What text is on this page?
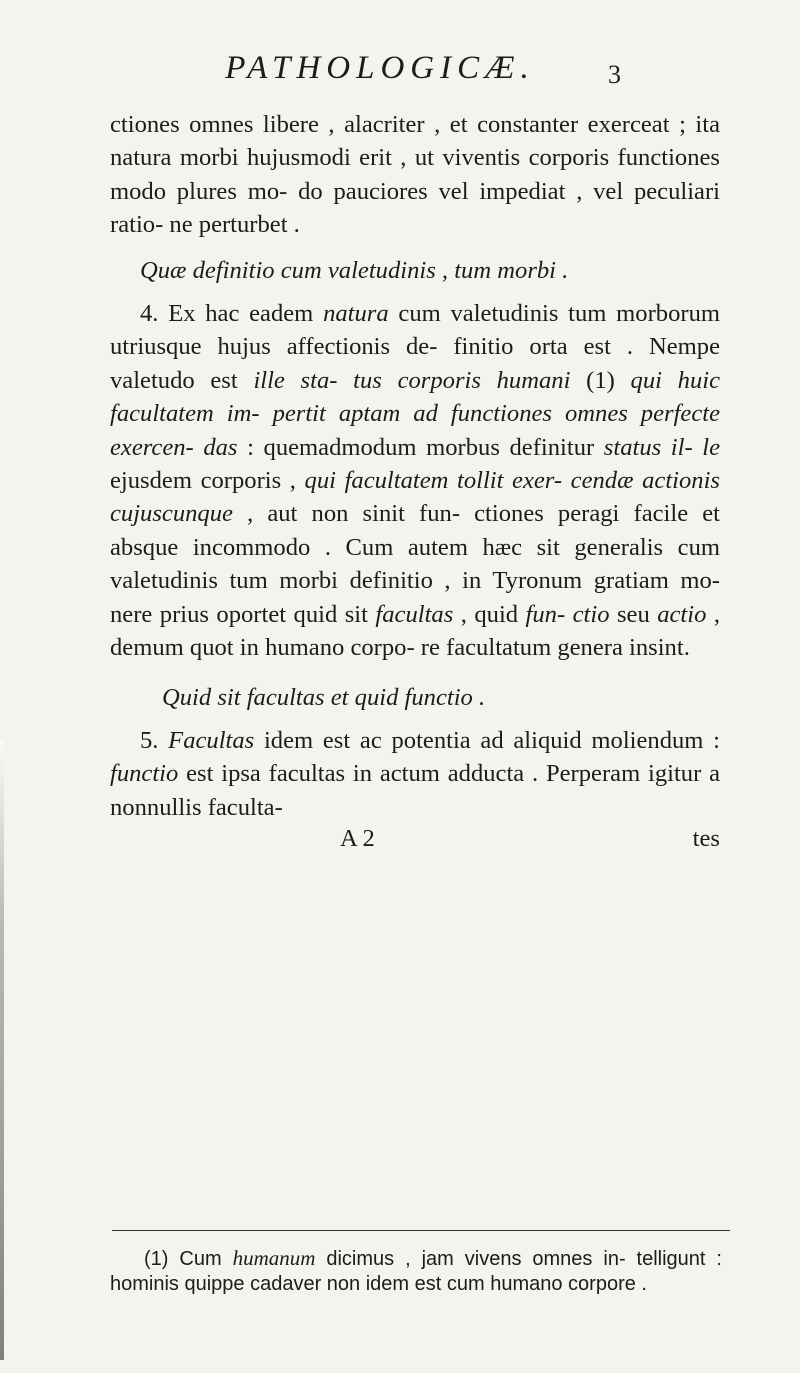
PATHOLOGICÆ.	3

ctiones omnes libere , alacriter , et constanter exerceat ; ita natura morbi hujusmodi erit , ut viventis corporis functiones modo plures mo- do pauciores vel impediat , vel peculiari ratio- ne perturbet .

Quæ definitio cum valetudinis , tum morbi .

4. Ex hac eadem natura cum valetudinis tum morborum utriusque hujus affectionis de- finitio orta est . Nempe valetudo est ille sta- tus corporis humani (1) qui huic facultatem im- pertit aptam ad functiones omnes perfecte exercen- das : quemadmodum morbus definitur status il- le ejusdem corporis , qui facultatem tollit exer- cendæ actionis cujuscunque , aut non sinit fun- ctiones peragi facile et absque incommodo . Cum autem hæc sit generalis cum valetudinis tum morbi definitio , in Tyronum gratiam mo- nere prius oportet quid sit facultas , quid fun- ctio seu actio , demum quot in humano corpo- re facultatum genera insint.

Quid sit facultas et quid functio .

5. Facultas idem est ac potentia ad aliquid moliendum : functio est ipsa facultas in actum adducta . Perperam igitur a nonnullis faculta-

A 2	tes

(1) Cum humanum dicimus , jam vivens omnes in- telligunt : hominis quippe cadaver non idem est cum humano corpore .
